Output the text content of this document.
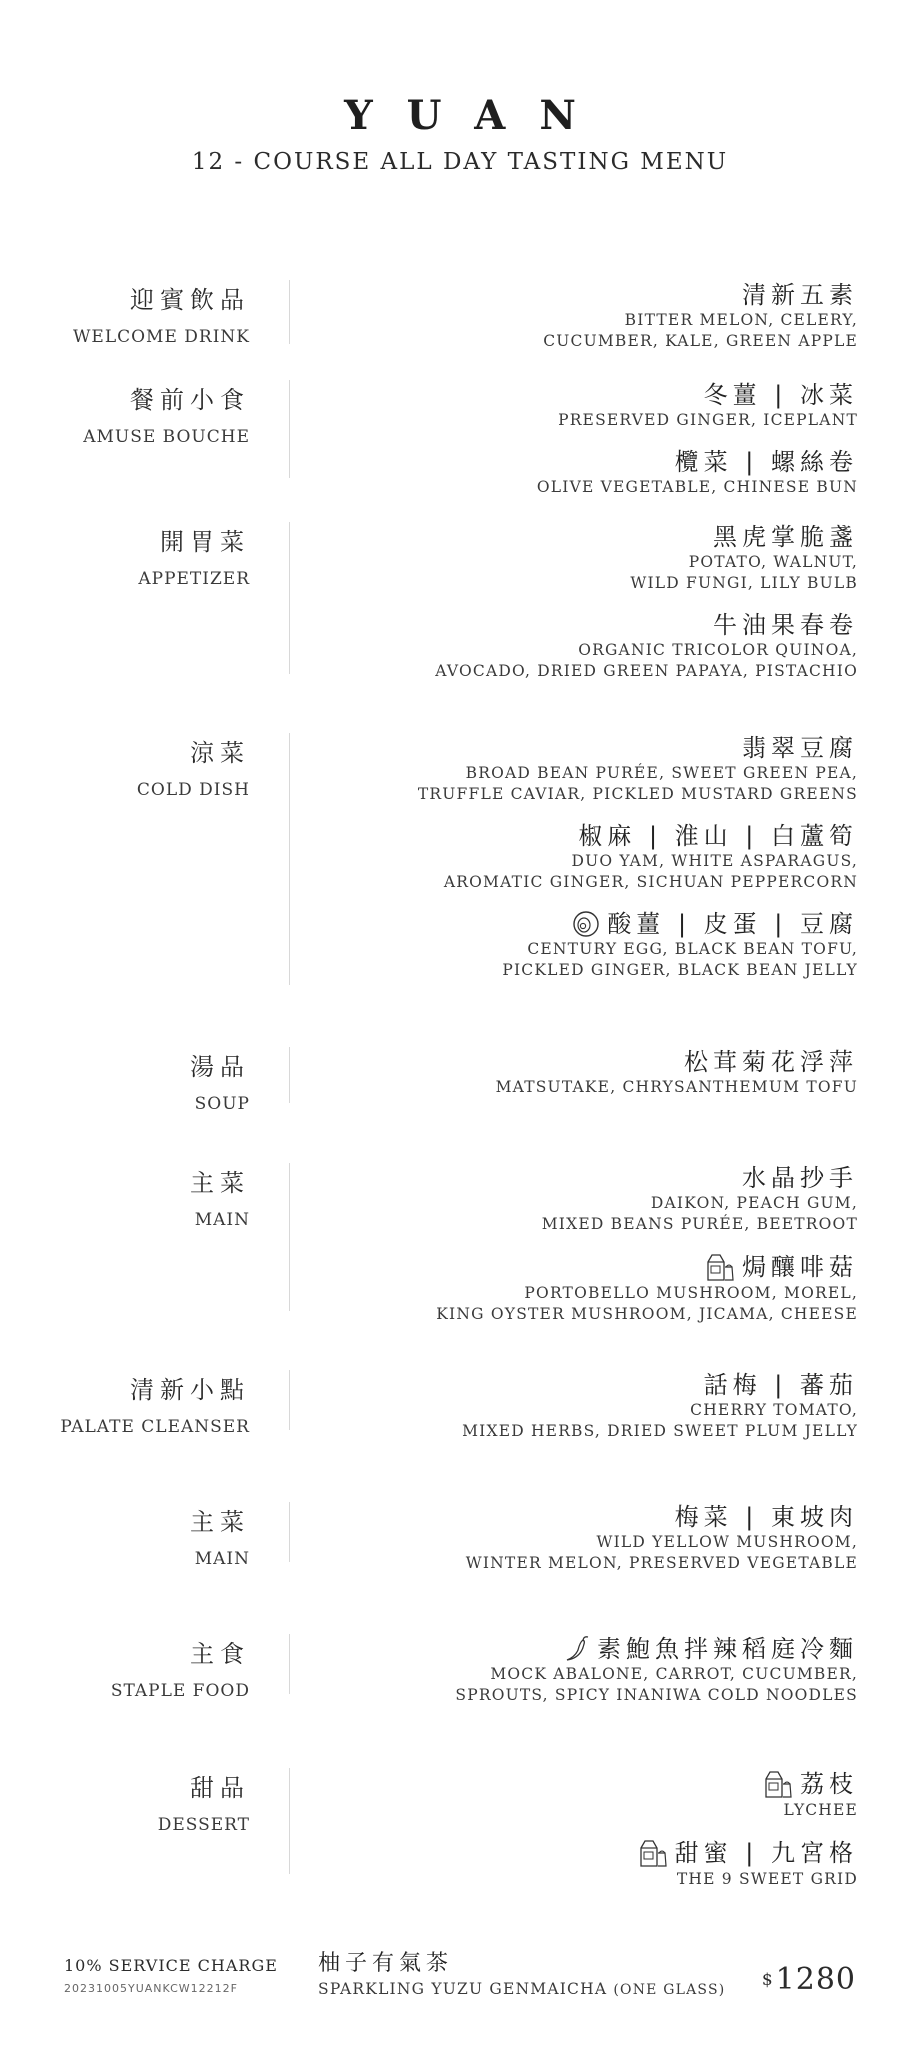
YUAN
12 - COURSE ALL DAY TASTING MENU
迎賓飲品
WELCOME DRINK
清新五素
BITTER MELON, CELERY,
CUCUMBER, KALE, GREEN APPLE
餐前小食
AMUSE BOUCHE
冬薑 | 冰菜
PRESERVED GINGER, ICEPLANT
欖菜 | 螺絲卷
OLIVE VEGETABLE, CHINESE BUN
開胃菜
APPETIZER
黑虎掌脆盞
POTATO, WALNUT,
WILD FUNGI, LILY BULB
牛油果春卷
ORGANIC TRICOLOR QUINOA,
AVOCADO, DRIED GREEN PAPAYA, PISTACHIO
涼菜
COLD DISH
翡翠豆腐
BROAD BEAN PURÉE, SWEET GREEN PEA,
TRUFFLE CAVIAR, PICKLED MUSTARD GREENS
椒麻 | 淮山 | 白蘆筍
DUO YAM, WHITE ASPARAGUS,
AROMATIC GINGER, SICHUAN PEPPERCORN
酸薑 | 皮蛋 | 豆腐
CENTURY EGG, BLACK BEAN TOFU,
PICKLED GINGER, BLACK BEAN JELLY
湯品
SOUP
松茸菊花浮萍
MATSUTAKE, CHRYSANTHEMUM TOFU
主菜
MAIN
水晶抄手
DAIKON, PEACH GUM,
MIXED BEANS PURÉE, BEETROOT
焗釀啡菇
PORTOBELLO MUSHROOM, MOREL,
KING OYSTER MUSHROOM, JICAMA, CHEESE
清新小點
PALATE CLEANSER
話梅 | 蕃茄
CHERRY TOMATO,
MIXED HERBS, DRIED SWEET PLUM JELLY
主菜
MAIN
梅菜 | 東坡肉
WILD YELLOW MUSHROOM,
WINTER MELON, PRESERVED VEGETABLE
主食
STAPLE FOOD
素鮑魚拌辣稻庭冷麵
MOCK ABALONE, CARROT, CUCUMBER,
SPROUTS, SPICY INANIWA COLD NOODLES
甜品
DESSERT
荔枝
LYCHEE
甜蜜 | 九宮格
THE 9 SWEET GRID
10% SERVICE CHARGE
20231005YUANKCW12212F
柚子有氣茶
SPARKLING YUZU GENMAICHA (ONE GLASS) $ 1280
